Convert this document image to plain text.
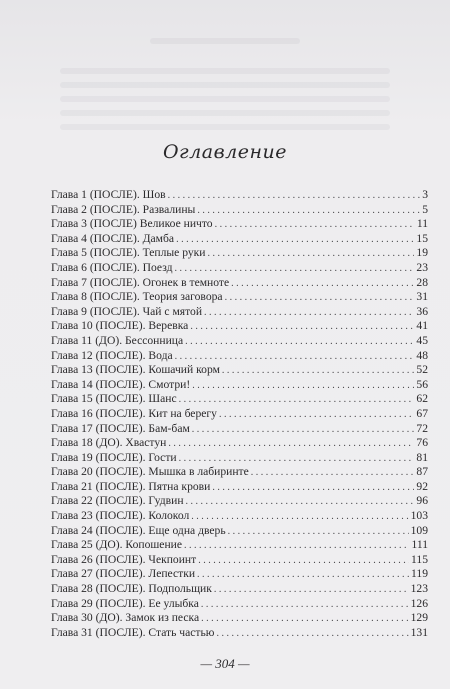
Оглавление
Глава 1 (ПОСЛЕ). Шов . . .	3
Глава 2 (ПОСЛЕ). Развалины . . .	5
Глава 3 (ПОСЛЕ) Великое ничто . . .	11
Глава 4 (ПОСЛЕ). Дамба . . .	15
Глава 5 (ПОСЛЕ). Теплые руки . . .	19
Глава 6 (ПОСЛЕ). Поезд . . .	23
Глава 7 (ПОСЛЕ). Огонек в темноте . . .	28
Глава 8 (ПОСЛЕ). Теория заговора . . .	31
Глава 9 (ПОСЛЕ). Чай с мятой . . .	36
Глава 10 (ПОСЛЕ). Веревка . . .	41
Глава 11 (ДО). Бессонница . . .	45
Глава 12 (ПОСЛЕ). Вода . . .	48
Глава 13 (ПОСЛЕ). Кошачий корм . . .	52
Глава 14 (ПОСЛЕ). Смотри! . . .	56
Глава 15 (ПОСЛЕ). Шанс . . .	62
Глава 16 (ПОСЛЕ). Кит на берегу . . .	67
Глава 17 (ПОСЛЕ). Бам-бам . . .	72
Глава 18 (ДО). Хвастун . . .	76
Глава 19 (ПОСЛЕ). Гости . . .	81
Глава 20 (ПОСЛЕ). Мышка в лабиринте . . .	87
Глава 21 (ПОСЛЕ). Пятна крови . . .	92
Глава 22 (ПОСЛЕ). Гудвин . . .	96
Глава 23 (ПОСЛЕ). Колокол . . .	103
Глава 24 (ПОСЛЕ). Еще одна дверь . . .	109
Глава 25 (ДО). Копошение . . .	111
Глава 26 (ПОСЛЕ). Чекпоинт . . .	115
Глава 27 (ПОСЛЕ). Лепестки . . .	119
Глава 28 (ПОСЛЕ). Подпольщик . . .	123
Глава 29 (ПОСЛЕ). Ее улыбка . . .	126
Глава 30 (ДО). Замок из песка . . .	129
Глава 31 (ПОСЛЕ). Стать частью . . .	131
— 304 —
